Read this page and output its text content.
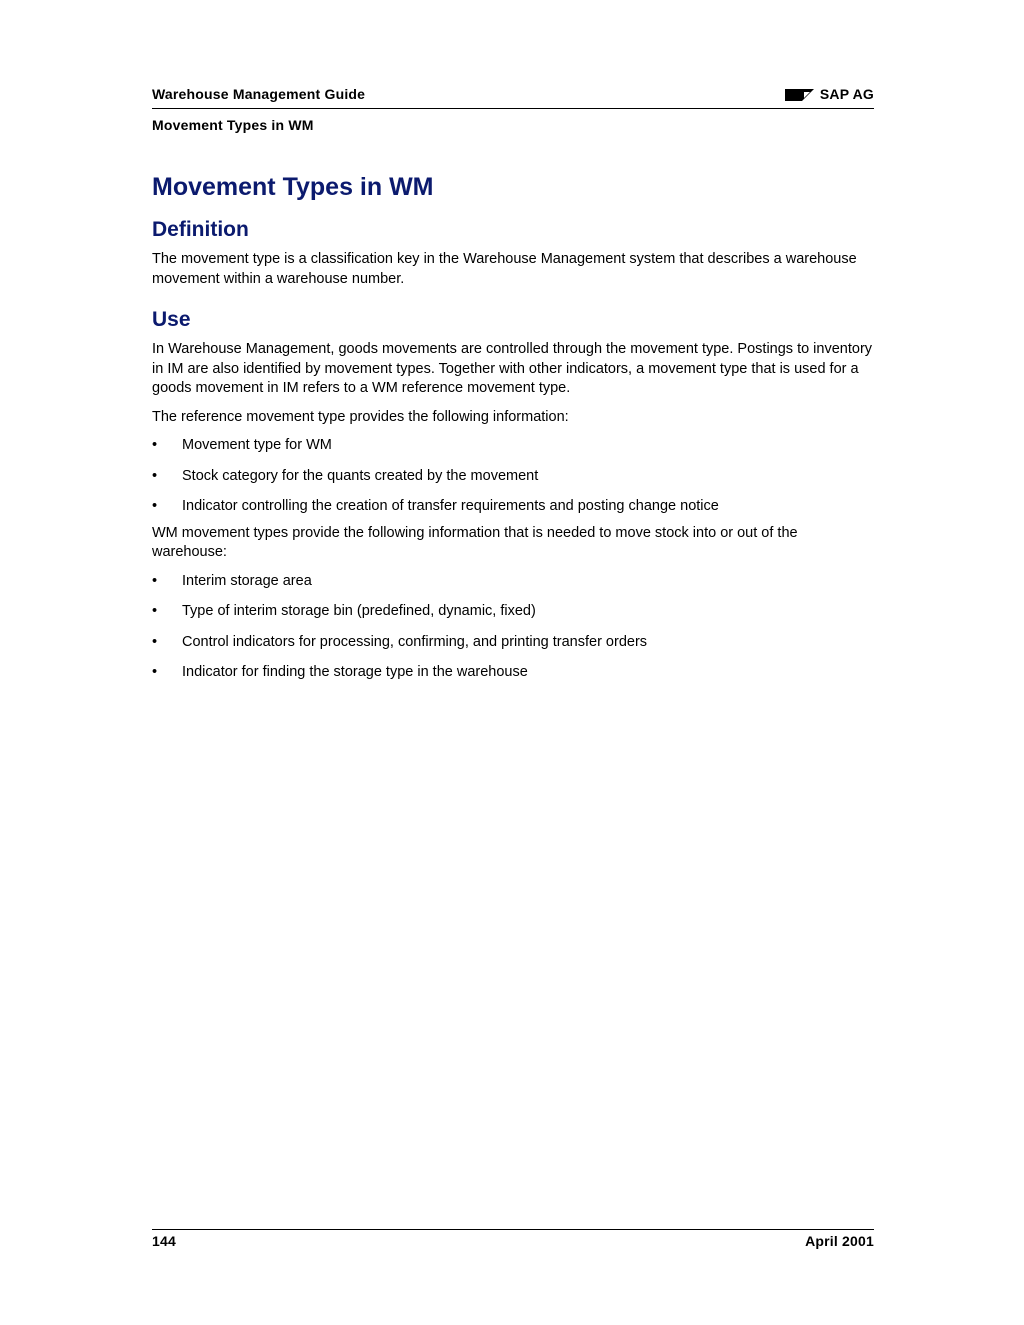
Warehouse Management Guide	SAP AG
Movement Types in WM
Movement Types in WM
Definition

The movement type is a classification key in the Warehouse Management system that describes a warehouse movement within a warehouse number.

Use

In Warehouse Management, goods movements are controlled through the movement type. Postings to inventory in IM are also identified by movement types. Together with other indicators, a movement type that is used for a goods movement in IM refers to a WM reference movement type.

The reference movement type provides the following information:

• Movement type for WM
• Stock category for the quants created by the movement
• Indicator controlling the creation of transfer requirements and posting change notice

WM movement types provide the following information that is needed to move stock into or out of the warehouse:

• Interim storage area
• Type of interim storage bin (predefined, dynamic, fixed)
• Control indicators for processing, confirming, and printing transfer orders
• Indicator for finding the storage type in the warehouse
144	April 2001
